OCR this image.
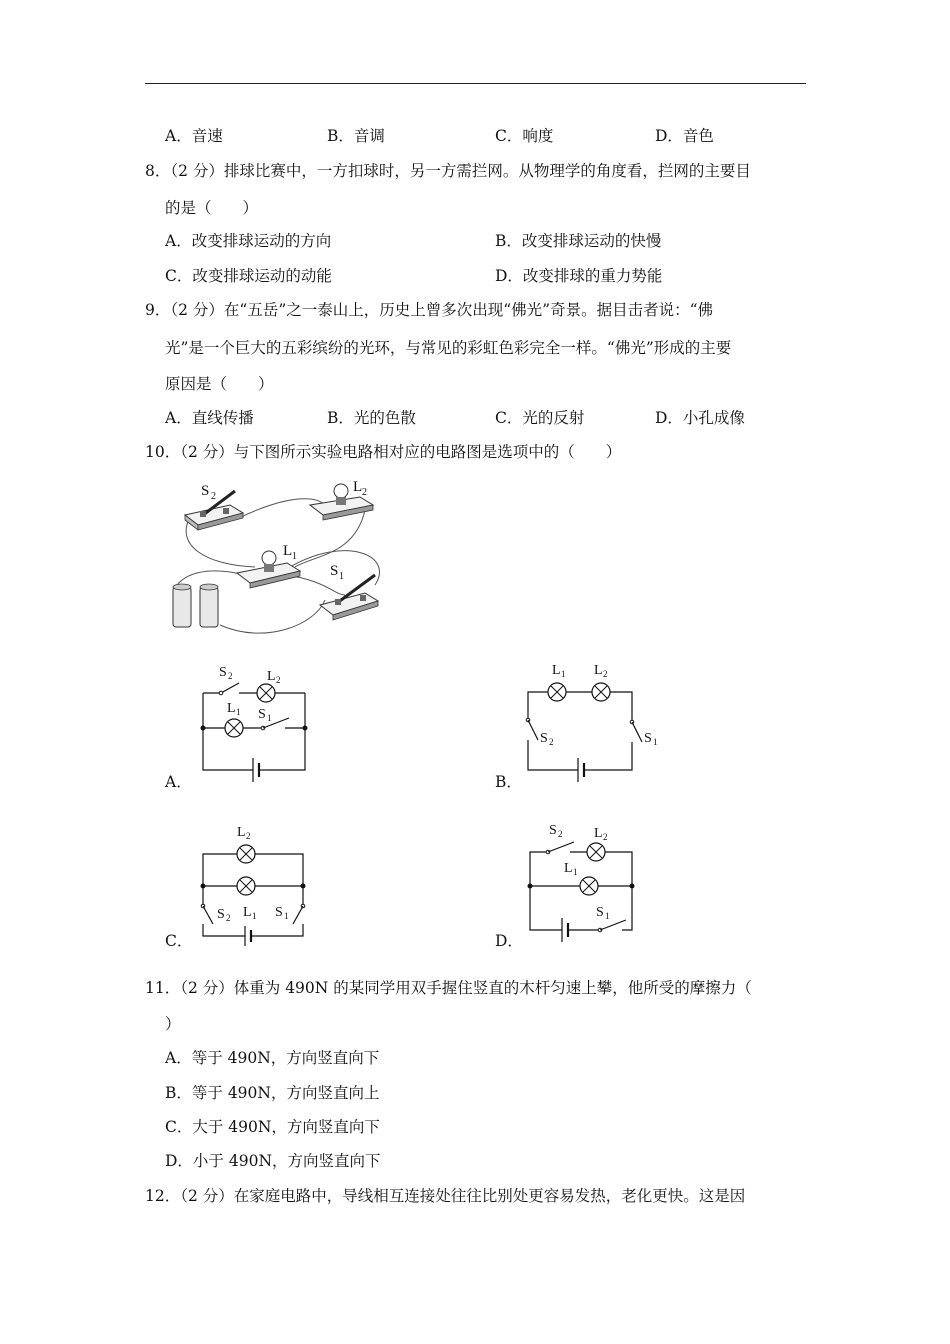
A．音速	B．音调	C．响度	D．音色
8．（2 分）排球比赛中，一方扣球时，另一方需拦网。从物理学的角度看，拦网的主要目
的是（　　）
A．改变排球运动的方向	B．改变排球运动的快慢
C．改变排球运动的动能	D．改变排球的重力势能
9．（2 分）在“五岳”之一泰山上，历史上曾多次出现“佛光”奇景。据目击者说：“佛
光”是一个巨大的五彩缤纷的光环，与常见的彩虹色彩完全一样。“佛光”形成的主要
原因是（　　）
A．直线传播	B．光的色散	C．光的反射	D．小孔成像
10．（2 分）与下图所示实验电路相对应的电路图是选项中的（　　）
S 2
L 2
L 1
S 1
S 2 L 2
L 1 S 1
A．
L 1 L 2
S 2	S 1
B．
L 2
S 2 L 1 S 1
C．
S 2 L 2
L 1
S 1
D．
11．（2 分）体重为 490N 的某同学用双手握住竖直的木杆匀速上攀，他所受的摩擦力（
）
A．等于 490N，方向竖直向下
B．等于 490N，方向竖直向上
C．大于 490N，方向竖直向下
D．小于 490N，方向竖直向下
12．（2 分）在家庭电路中，导线相互连接处往往比别处更容易发热，老化更快。这是因
